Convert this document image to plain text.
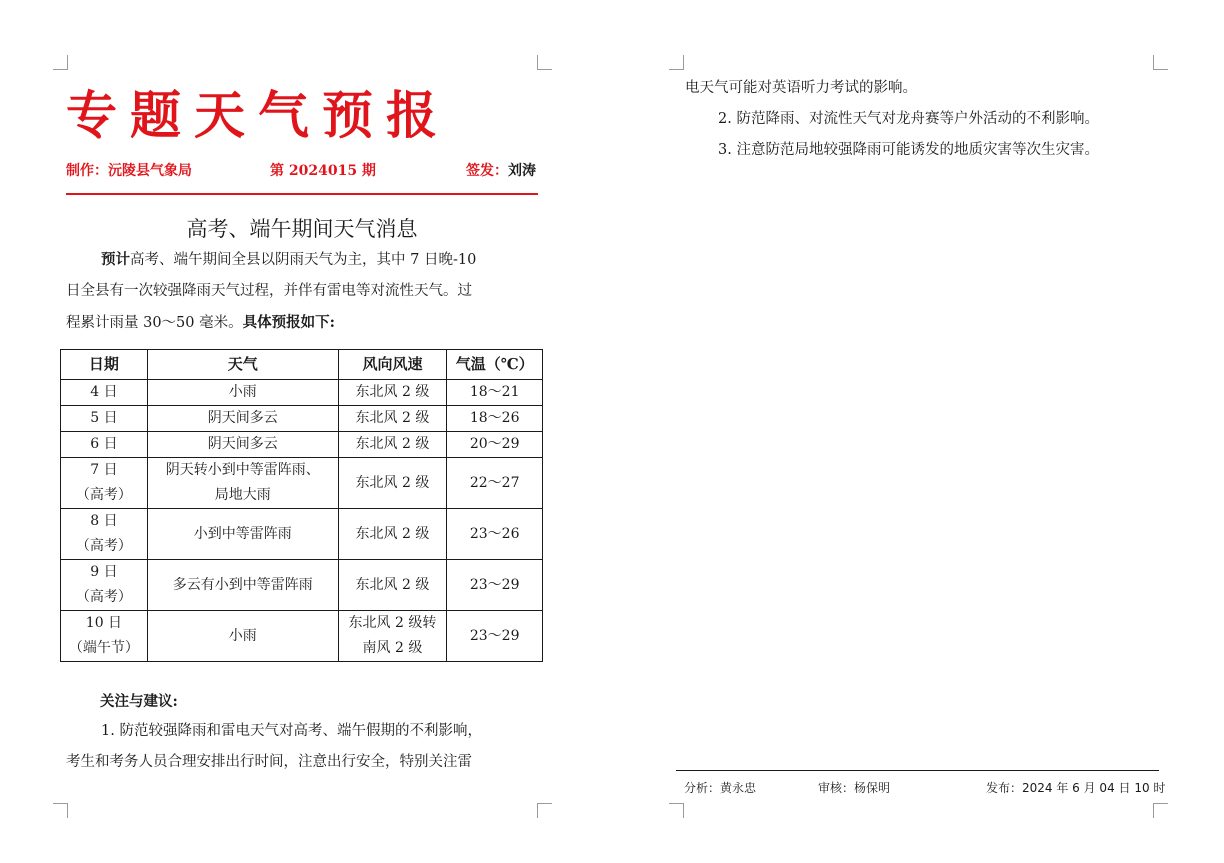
专题天气预报
制作：沅陵县气象局	第 2024015 期	签发：刘涛
高考、端午期间天气消息
预计高考、端午期间全县以阴雨天气为主，其中 7 日晚-10
日全县有一次较强降雨天气过程，并伴有雷电等对流性天气。过
程累计雨量 30～50 毫米。具体预报如下:
日期	天气	风向风速	气温（℃）

4 日	小雨	东北风 2 级	18～21

5 日	阴天间多云	东北风 2 级	18～26

6 日	阴天间多云	东北风 2 级	20～29

7 日
（高考）	阴天转小到中等雷阵雨、
局地大雨	东北风 2 级	22～27

8 日
（高考）	小到中等雷阵雨	东北风 2 级	23～26

9 日
（高考）	多云有小到中等雷阵雨	东北风 2 级	23～29

10 日
（端午节）	小雨	东北风 2 级转
南风 2 级	23～29
关注与建议:
1. 防范较强降雨和雷电天气对高考、端午假期的不利影响，
考生和考务人员合理安排出行时间，注意出行安全，特别关注雷
电天气可能对英语听力考试的影响。
2. 防范降雨、对流性天气对龙舟赛等户外活动的不利影响。
3. 注意防范局地较强降雨可能诱发的地质灾害等次生灾害。
分析：黄永忠	审核：杨保明	发布：2024 年 6 月 04 日 10 时
